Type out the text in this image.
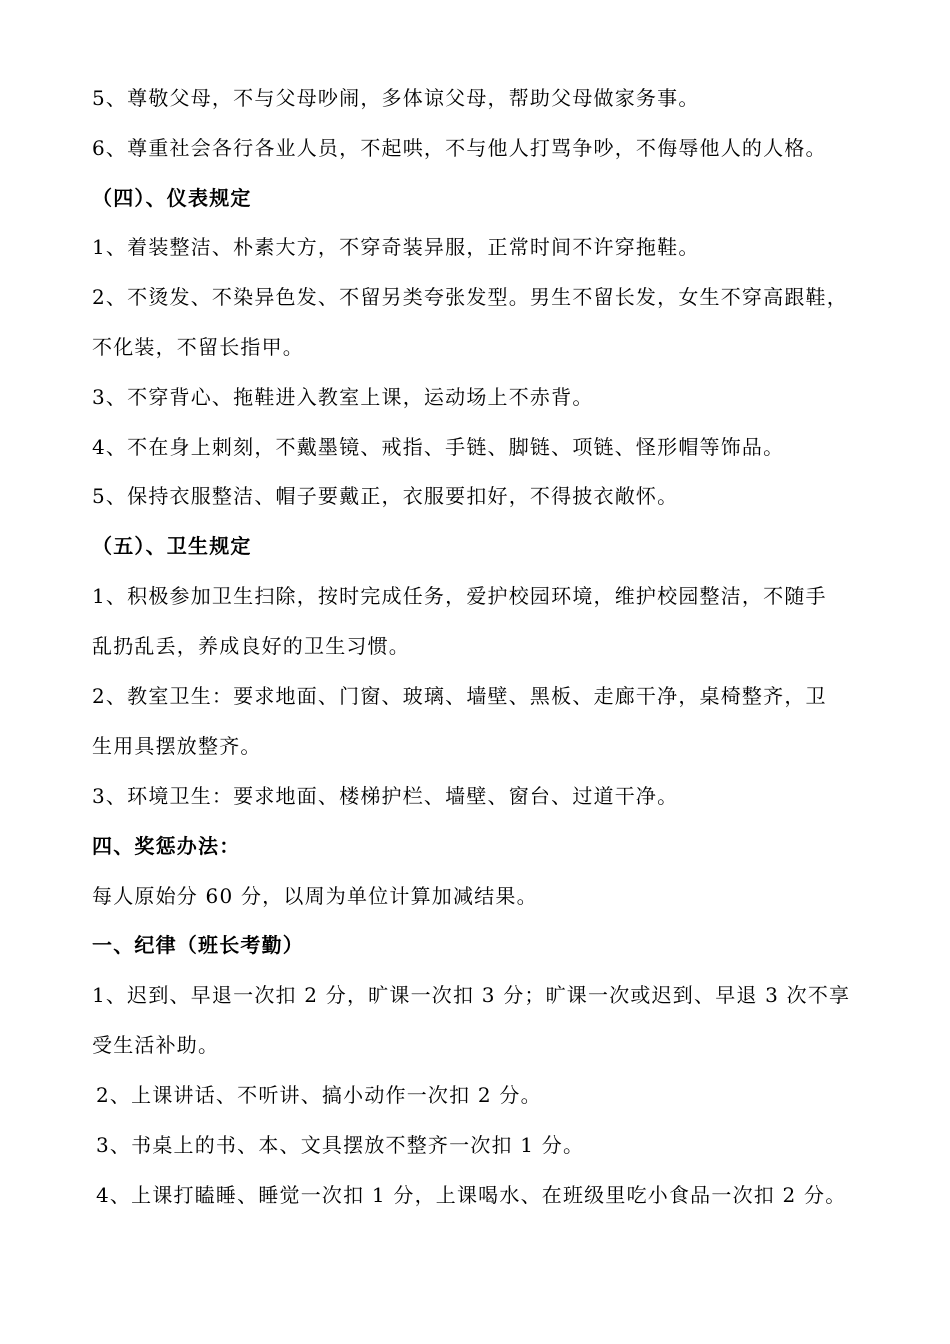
5、尊敬父母，不与父母吵闹，多体谅父母，帮助父母做家务事。
6、尊重社会各行各业人员，不起哄，不与他人打骂争吵，不侮辱他人的人格。
（四）、仪表规定
1、着装整洁、朴素大方，不穿奇装异服，正常时间不许穿拖鞋。
2、不烫发、不染异色发、不留另类夸张发型。男生不留长发，女生不穿高跟鞋，
不化装，不留长指甲。
3、不穿背心、拖鞋进入教室上课，运动场上不赤背。
4、不在身上刺刻，不戴墨镜、戒指、手链、脚链、项链、怪形帽等饰品。
5、保持衣服整洁、帽子要戴正，衣服要扣好，不得披衣敞怀。
（五）、卫生规定
1、积极参加卫生扫除，按时完成任务，爱护校园环境，维护校园整洁，不随手
乱扔乱丢，养成良好的卫生习惯。
2、教室卫生：要求地面、门窗、玻璃、墙壁、黑板、走廊干净，桌椅整齐，卫
生用具摆放整齐。
3、环境卫生：要求地面、楼梯护栏、墙壁、窗台、过道干净。
四、奖惩办法：
每人原始分 60 分，以周为单位计算加减结果。
一、纪律（班长考勤）
1、迟到、早退一次扣 2 分，旷课一次扣 3 分；旷课一次或迟到、早退 3 次不享
受生活补助。
2、上课讲话、不听讲、搞小动作一次扣 2 分。
3、书桌上的书、本、文具摆放不整齐一次扣 1 分。
4、上课打瞌睡、睡觉一次扣 1 分，上课喝水、在班级里吃小食品一次扣 2 分。
